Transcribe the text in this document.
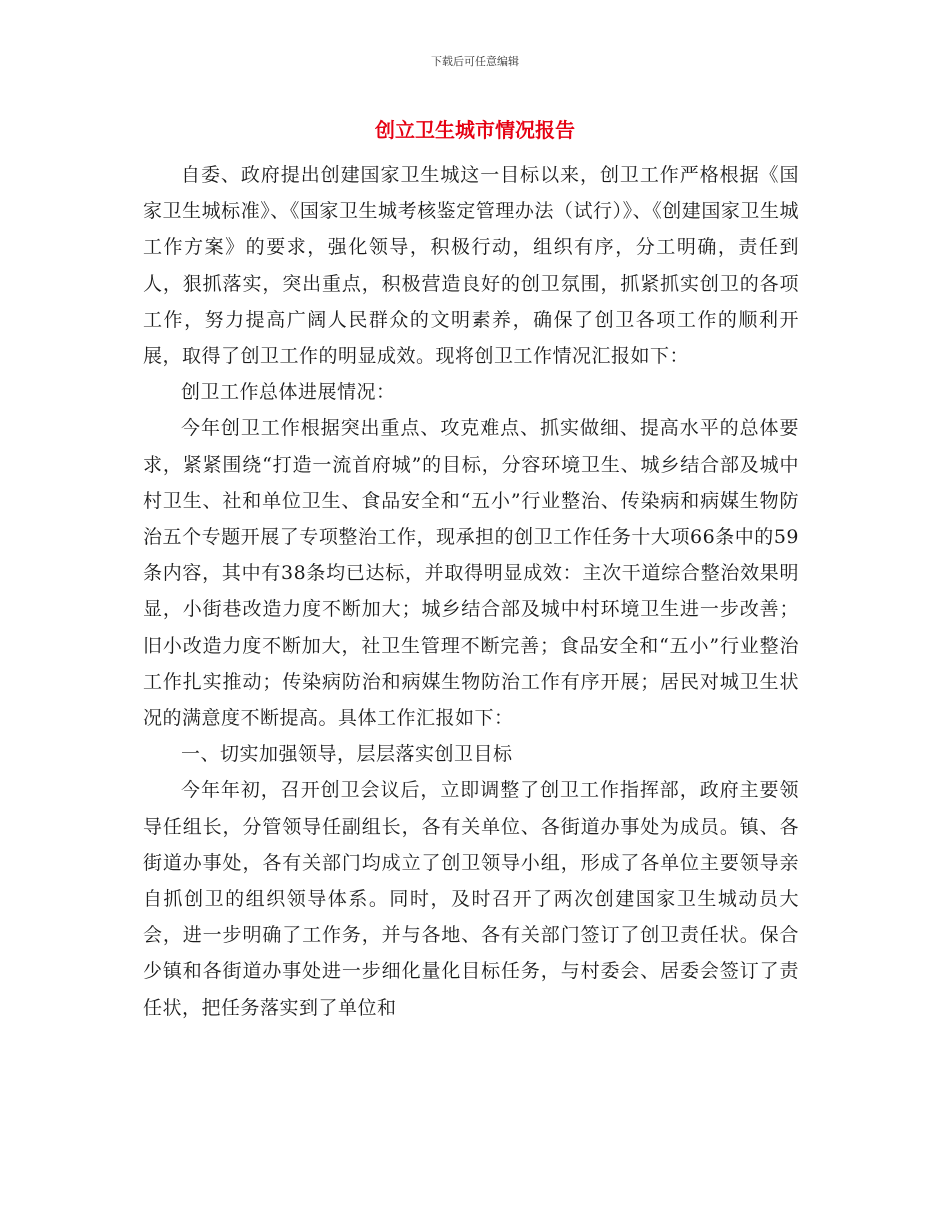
下载后可任意编辑
创立卫生城市情况报告

自委、政府提出创建国家卫生城这一目标以来，创卫工作严格根据《国家卫生城标准》、《国家卫生城考核鉴定管理办法（试行）》、《创建国家卫生城工作方案》的要求，强化领导，积极行动，组织有序，分工明确，责任到人，狠抓落实，突出重点，积极营造良好的创卫氛围，抓紧抓实创卫的各项工作，努力提高广阔人民群众的文明素养，确保了创卫各项工作的顺利开展，取得了创卫工作的明显成效。现将创卫工作情况汇报如下：

创卫工作总体进展情况：

今年创卫工作根据突出重点、攻克难点、抓实做细、提高水平的总体要求，紧紧围绕“打造一流首府城”的目标，分容环境卫生、城乡结合部及城中村卫生、社和单位卫生、食品安全和“五小”行业整治、传染病和病媒生物防治五个专题开展了专项整治工作，现承担的创卫工作任务十大项66条中的59条内容，其中有38条均已达标，并取得明显成效：主次干道综合整治效果明显，小街巷改造力度不断加大；城乡结合部及城中村环境卫生进一步改善；旧小改造力度不断加大，社卫生管理不断完善；食品安全和“五小”行业整治工作扎实推动；传染病防治和病媒生物防治工作有序开展；居民对城卫生状况的满意度不断提高。具体工作汇报如下：

一、切实加强领导，层层落实创卫目标

今年年初，召开创卫会议后，立即调整了创卫工作指挥部，政府主要领导任组长，分管领导任副组长，各有关单位、各街道办事处为成员。镇、各街道办事处，各有关部门均成立了创卫领导小组，形成了各单位主要领导亲自抓创卫的组织领导体系。同时，及时召开了两次创建国家卫生城动员大会，进一步明确了工作务，并与各地、各有关部门签订了创卫责任状。保合少镇和各街道办事处进一步细化量化目标任务，与村委会、居委会签订了责任状，把任务落实到了单位和
